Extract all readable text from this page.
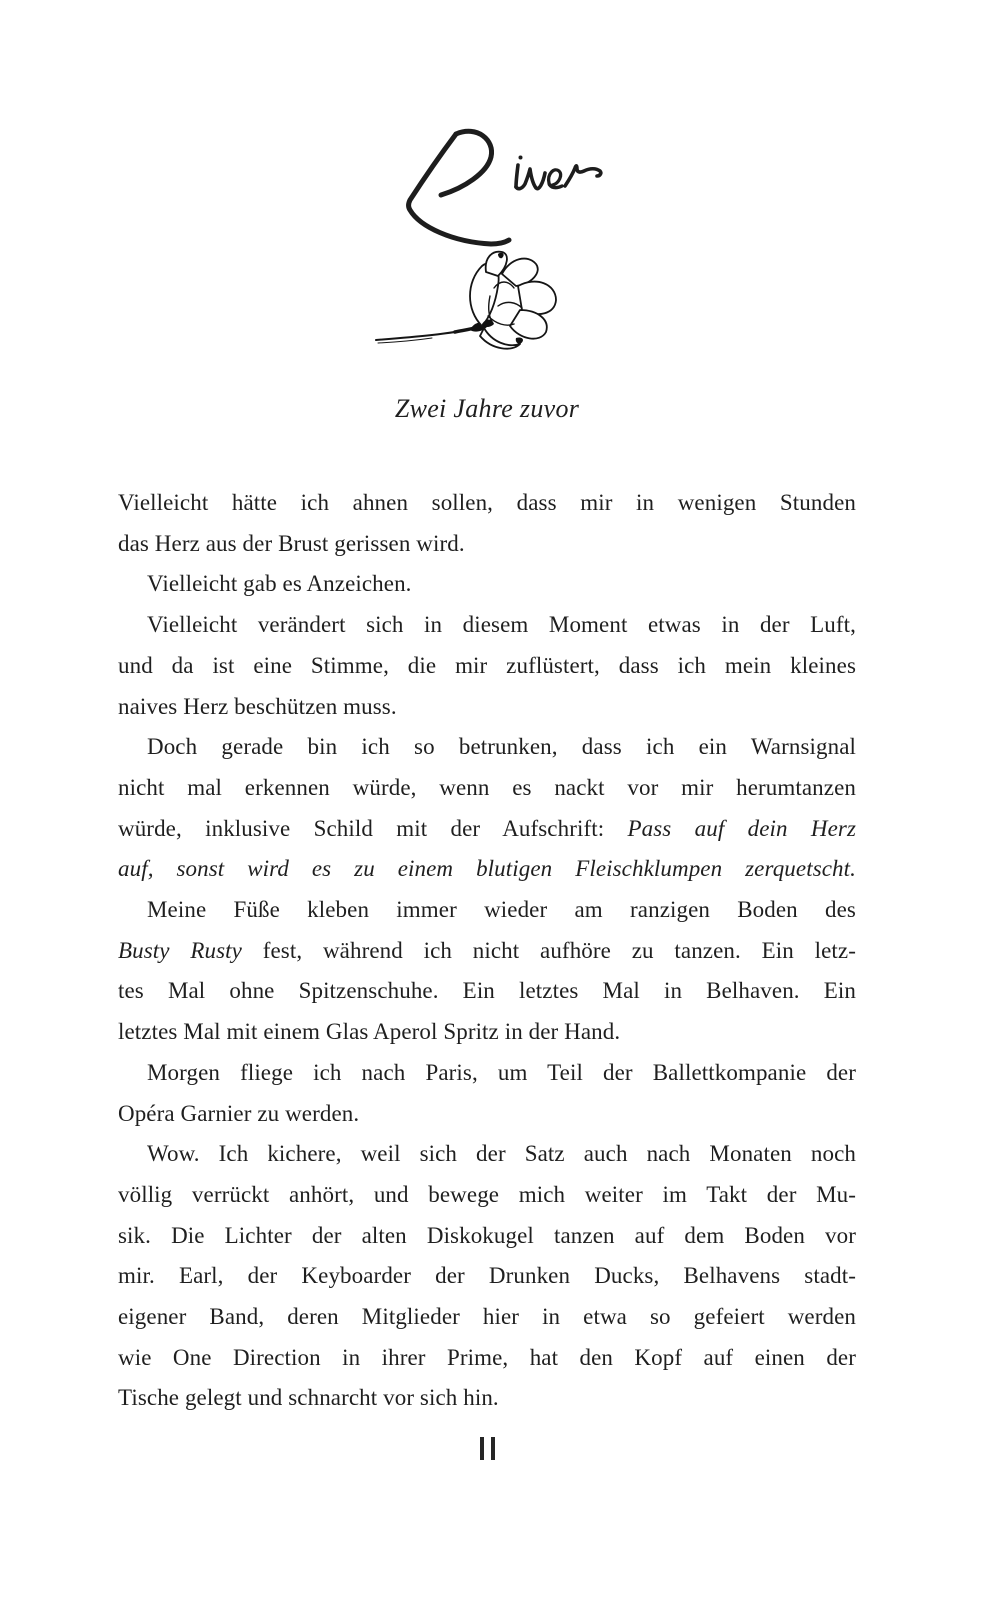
Zwei Jahre zuvor
Vielleicht hätte ich ahnen sollen, dass mir in wenigen Stunden
das Herz aus der Brust gerissen wird.
Vielleicht gab es Anzeichen.
Vielleicht verändert sich in diesem Moment etwas in der Luft,
und da ist eine Stimme, die mir zuflüstert, dass ich mein kleines
naives Herz beschützen muss.
Doch gerade bin ich so betrunken, dass ich ein Warnsignal
nicht mal erkennen würde, wenn es nackt vor mir herumtanzen
würde, inklusive Schild mit der Aufschrift: Pass auf dein Herz
auf, sonst wird es zu einem blutigen Fleischklumpen zerquetscht.
Meine Füße kleben immer wieder am ranzigen Boden des
Busty Rusty fest, während ich nicht aufhöre zu tanzen. Ein letz-
tes Mal ohne Spitzenschuhe. Ein letztes Mal in Belhaven. Ein
letztes Mal mit einem Glas Aperol Spritz in der Hand.
Morgen fliege ich nach Paris, um Teil der Ballettkompanie der
Opéra Garnier zu werden.
Wow. Ich kichere, weil sich der Satz auch nach Monaten noch
völlig verrückt anhört, und bewege mich weiter im Takt der Mu-
sik. Die Lichter der alten Diskokugel tanzen auf dem Boden vor
mir. Earl, der Keyboarder der Drunken Ducks, Belhavens stadt-
eigener Band, deren Mitglieder hier in etwa so gefeiert werden
wie One Direction in ihrer Prime, hat den Kopf auf einen der
Tische gelegt und schnarcht vor sich hin.
